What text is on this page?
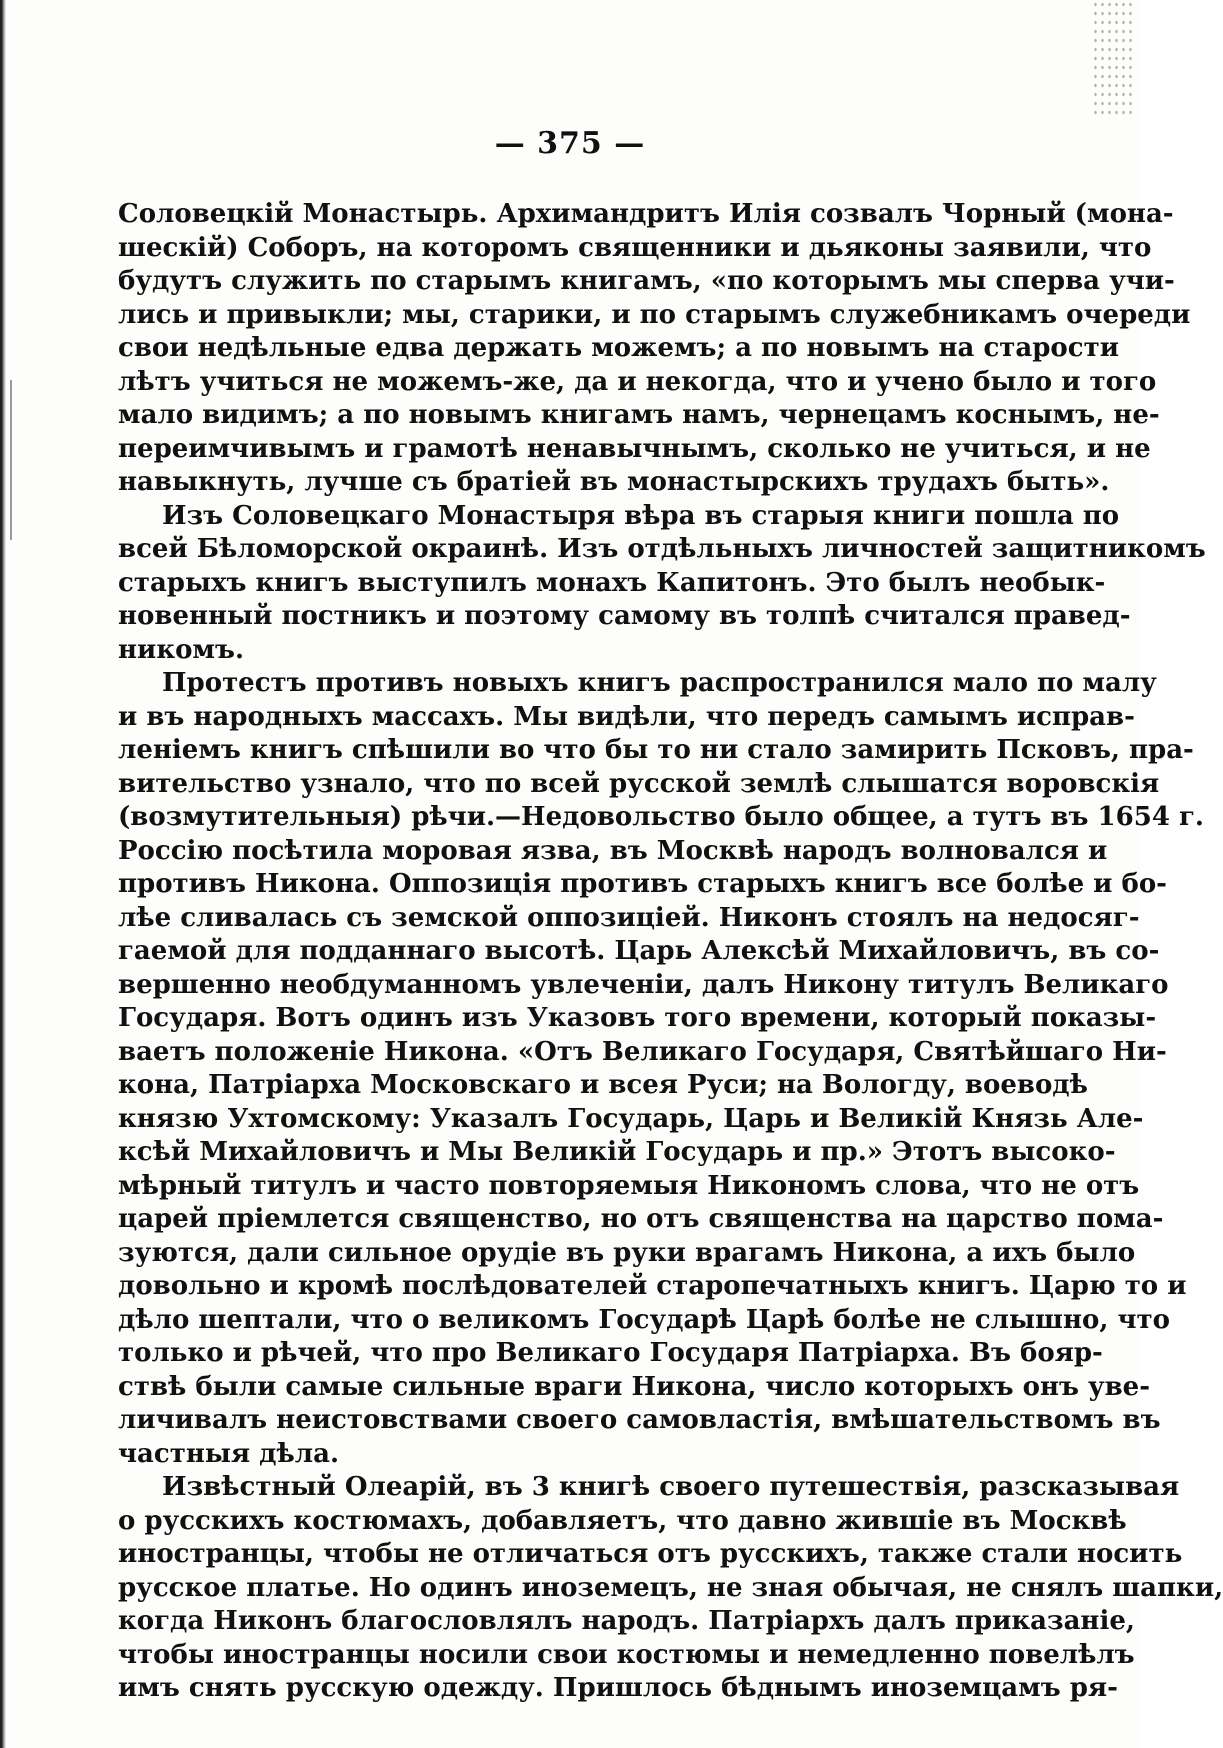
— 375 —
Соловецкій Монастырь. Архимандритъ Илія созвалъ Чорный (мона-
шескій) Соборъ, на которомъ священники и дьяконы заявили, что
будутъ служить по старымъ книгамъ, «по которымъ мы сперва учи-
лись и привыкли; мы, старики, и по старымъ служебникамъ очереди
свои недѣльные едва держать можемъ; а по новымъ на старости
лѣтъ учиться не можемъ-же, да и некогда, что и учено было и того
мало видимъ; а по новымъ книгамъ намъ, чернецамъ коснымъ, не-
переимчивымъ и грамотѣ ненавычнымъ, сколько не учиться, и не
навыкнуть, лучше съ братіей въ монастырскихъ трудахъ быть».
Изъ Соловецкаго Монастыря вѣра въ старыя книги пошла по
всей Бѣломорской окраинѣ. Изъ отдѣльныхъ личностей защитникомъ
старыхъ книгъ выступилъ монахъ Капитонъ. Это былъ необык-
новенный постникъ и поэтому самому въ толпѣ считался правед-
никомъ.
Протестъ противъ новыхъ книгъ распространился мало по малу
и въ народныхъ массахъ. Мы видѣли, что передъ самымъ исправ-
леніемъ книгъ спѣшили во что бы то ни стало замирить Псковъ, пра-
вительство узнало, что по всей русской землѣ слышатся воровскія
(возмутительныя) рѣчи.—Недовольство было общее, а тутъ въ 1654 г.
Россію посѣтила моровая язва, въ Москвѣ народъ волновался и
противъ Никона. Оппозиція противъ старыхъ книгъ все болѣе и бо-
лѣе сливалась съ земской оппозиціей. Никонъ стоялъ на недосяг-
гаемой для подданнаго высотѣ. Царь Алексѣй Михайловичъ, въ со-
вершенно необдуманномъ увлеченіи, далъ Никону титулъ Великаго
Государя. Вотъ одинъ изъ Указовъ того времени, который показы-
ваетъ положеніе Никона. «Отъ Великаго Государя, Святѣйшаго Ни-
кона, Патріарха Московскаго и всея Руси; на Вологду, воеводѣ
князю Ухтомскому: Указалъ Государь, Царь и Великій Князь Але-
ксѣй Михайловичъ и Мы Великій Государь и пр.» Этотъ высоко-
мѣрный титулъ и часто повторяемыя Никономъ слова, что не отъ
царей пріемлется священство, но отъ священства на царство пома-
зуются, дали сильное орудіе въ руки врагамъ Никона, а ихъ было
довольно и кромѣ послѣдователей старопечатныхъ книгъ. Царю то и
дѣло шептали, что о великомъ Государѣ Царѣ болѣе не слышно, что
только и рѣчей, что про Великаго Государя Патріарха. Въ бояр-
ствѣ были самые сильные враги Никона, число которыхъ онъ уве-
личивалъ неистовствами своего самовластія, вмѣшательствомъ въ
частныя дѣла.
Извѣстный Олеарій, въ 3 книгѣ своего путешествія, разсказывая
о русскихъ костюмахъ, добавляетъ, что давно жившіе въ Москвѣ
иностранцы, чтобы не отличаться отъ русскихъ, также стали носить
русское платье. Но одинъ иноземецъ, не зная обычая, не снялъ шапки,
когда Никонъ благословлялъ народъ. Патріархъ далъ приказаніе,
чтобы иностранцы носили свои костюмы и немедленно повелѣлъ
имъ снять русскую одежду. Пришлось бѣднымъ иноземцамъ ря-
